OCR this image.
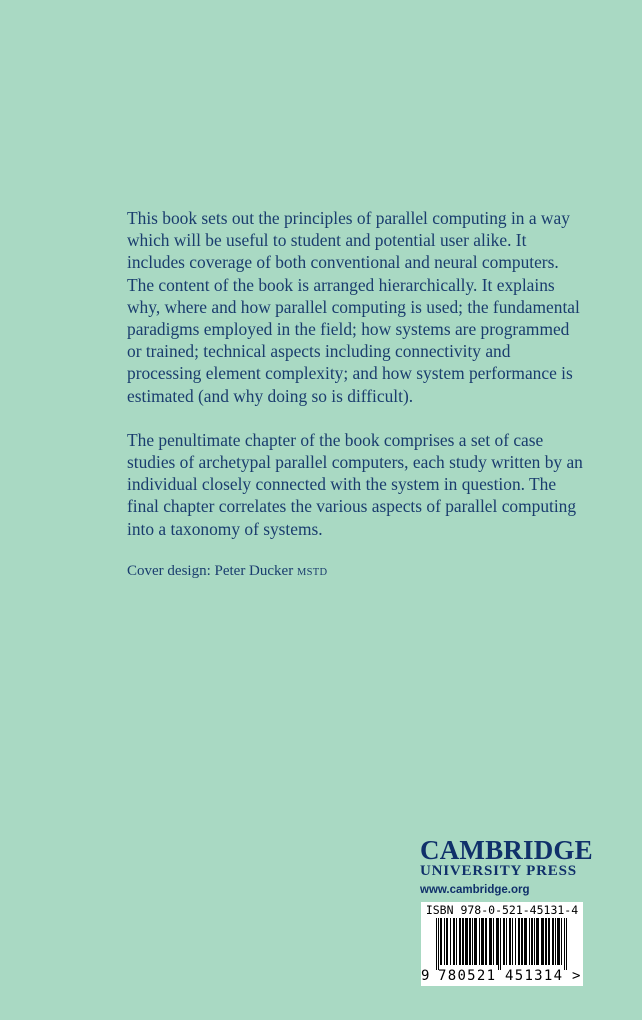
This book sets out the principles of parallel computing in a way which will be useful to student and potential user alike. It includes coverage of both conventional and neural computers. The content of the book is arranged hierarchically. It explains why, where and how parallel computing is used; the fundamental paradigms employed in the field; how systems are programmed or trained; technical aspects including connectivity and processing element complexity; and how system performance is estimated (and why doing so is difficult).

The penultimate chapter of the book comprises a set of case studies of archetypal parallel computers, each study written by an individual closely connected with the system in question. The final chapter correlates the various aspects of parallel computing into a taxonomy of systems.

Cover design: Peter Ducker MSTD
CAMBRIDGE
UNIVERSITY PRESS
www.cambridge.org
ISBN 978-0-521-45131-4
9 780521 451314 >
